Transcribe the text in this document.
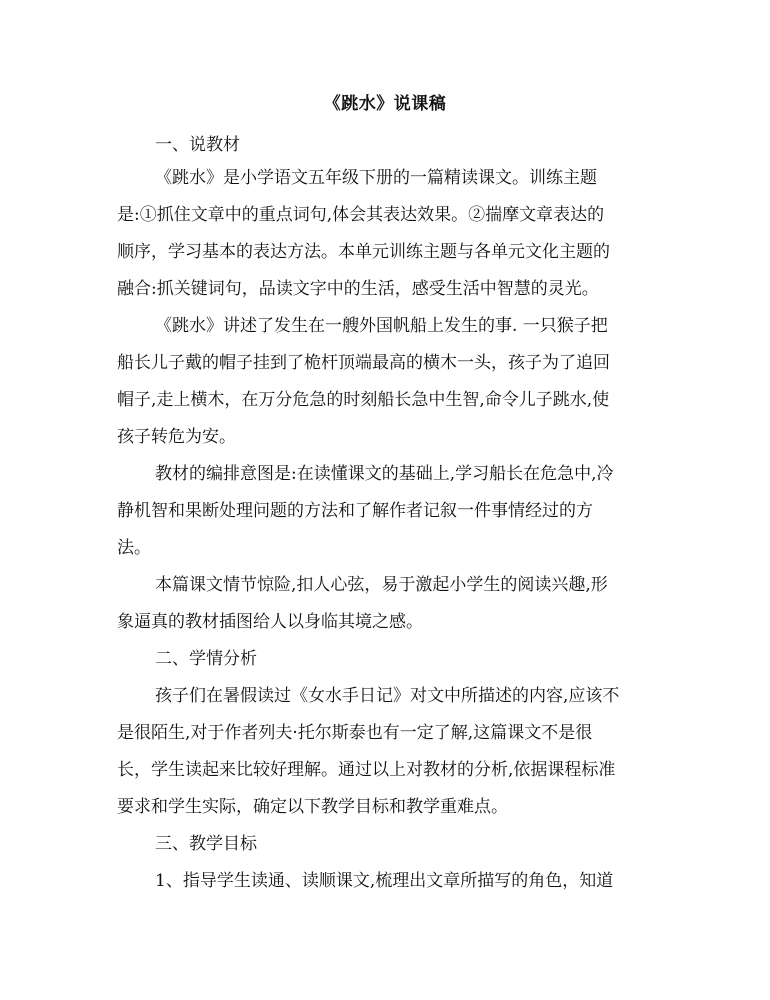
《跳水》说课稿
一、说教材
《跳水》是小学语文五年级下册的一篇精读课文。训练主题
是:①抓住文章中的重点词句,体会其表达效果。②揣摩文章表达的
顺序，学习基本的表达方法。本单元训练主题与各单元文化主题的
融合:抓关键词句，品读文字中的生活，感受生活中智慧的灵光。
《跳水》讲述了发生在一艘外国帆船上发生的事. 一只猴子把
船长儿子戴的帽子挂到了桅杆顶端最高的横木一头，孩子为了追回
帽子,走上横木，在万分危急的时刻船长急中生智,命令儿子跳水,使
孩子转危为安。
教材的编排意图是:在读懂课文的基础上,学习船长在危急中,冷
静机智和果断处理问题的方法和了解作者记叙一件事情经过的方
法。
本篇课文情节惊险,扣人心弦，易于激起小学生的阅读兴趣,形
象逼真的教材插图给人以身临其境之感。
二、学情分析
孩子们在暑假读过《女水手日记》对文中所描述的内容,应该不
是很陌生,对于作者列夫·托尔斯泰也有一定了解,这篇课文不是很
长，学生读起来比较好理解。通过以上对教材的分析,依据课程标准
要求和学生实际，确定以下教学目标和教学重难点。
三、教学目标
1、指导学生读通、读顺课文,梳理出文章所描写的角色，知道
